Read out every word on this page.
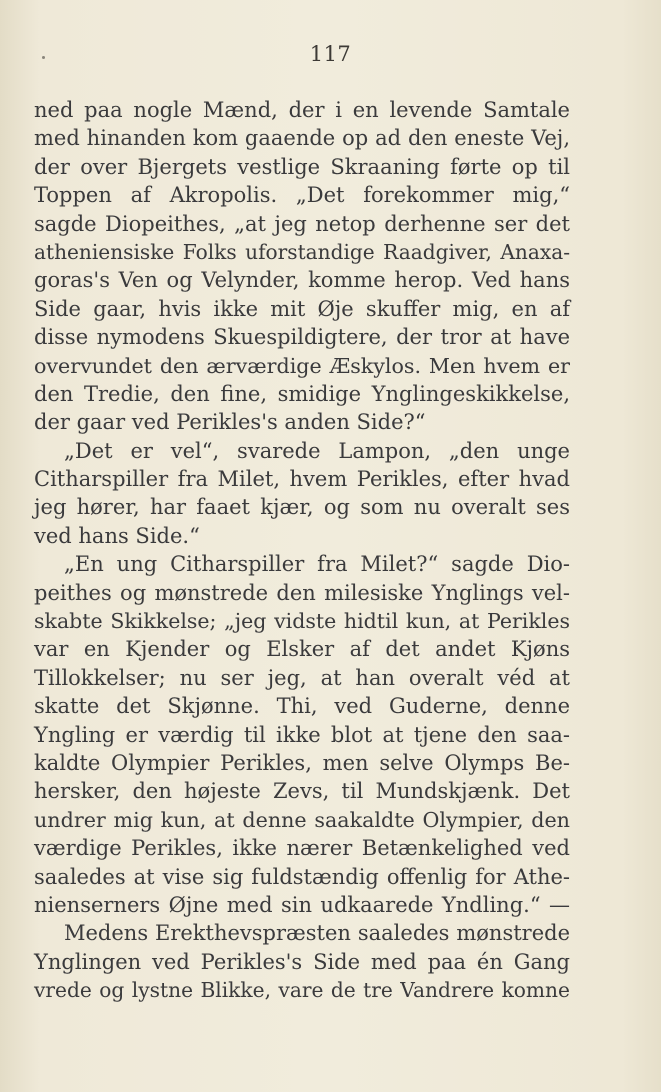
117
ned paa nogle Mænd, der i en levende Samtale
med hinanden kom gaaende op ad den eneste Vej,
der over Bjergets vestlige Skraaning førte op til
Toppen af Akropolis. „Det forekommer mig,“
sagde Diopeithes, „at jeg netop derhenne ser det
atheniensiske Folks uforstandige Raadgiver, Anaxa-
goras's Ven og Velynder, komme herop. Ved hans
Side gaar, hvis ikke mit Øje skuffer mig, en af
disse nymodens Skuespildigtere, der tror at have
overvundet den ærværdige Æskylos. Men hvem er
den Tredie, den fine, smidige Ynglingeskikkelse,
der gaar ved Perikles's anden Side?“
„Det er vel“, svarede Lampon, „den unge
Citharspiller fra Milet, hvem Perikles, efter hvad
jeg hører, har faaet kjær, og som nu overalt ses
ved hans Side.“
„En ung Citharspiller fra Milet?“ sagde Dio-
peithes og mønstrede den milesiske Ynglings vel-
skabte Skikkelse; „jeg vidste hidtil kun, at Perikles
var en Kjender og Elsker af det andet Kjøns
Tillokkelser; nu ser jeg, at han overalt véd at
skatte det Skjønne. Thi, ved Guderne, denne
Yngling er værdig til ikke blot at tjene den saa-
kaldte Olympier Perikles, men selve Olymps Be-
hersker, den højeste Zevs, til Mundskjænk. Det
undrer mig kun, at denne saakaldte Olympier, den
værdige Perikles, ikke nærer Betænkelighed ved
saaledes at vise sig fuldstændig offenlig for Athe-
nienserners Øjne med sin udkaarede Yndling.“ —
Medens Erekthevspræsten saaledes mønstrede
Ynglingen ved Perikles's Side med paa én Gang
vrede og lystne Blikke, vare de tre Vandrere komne
